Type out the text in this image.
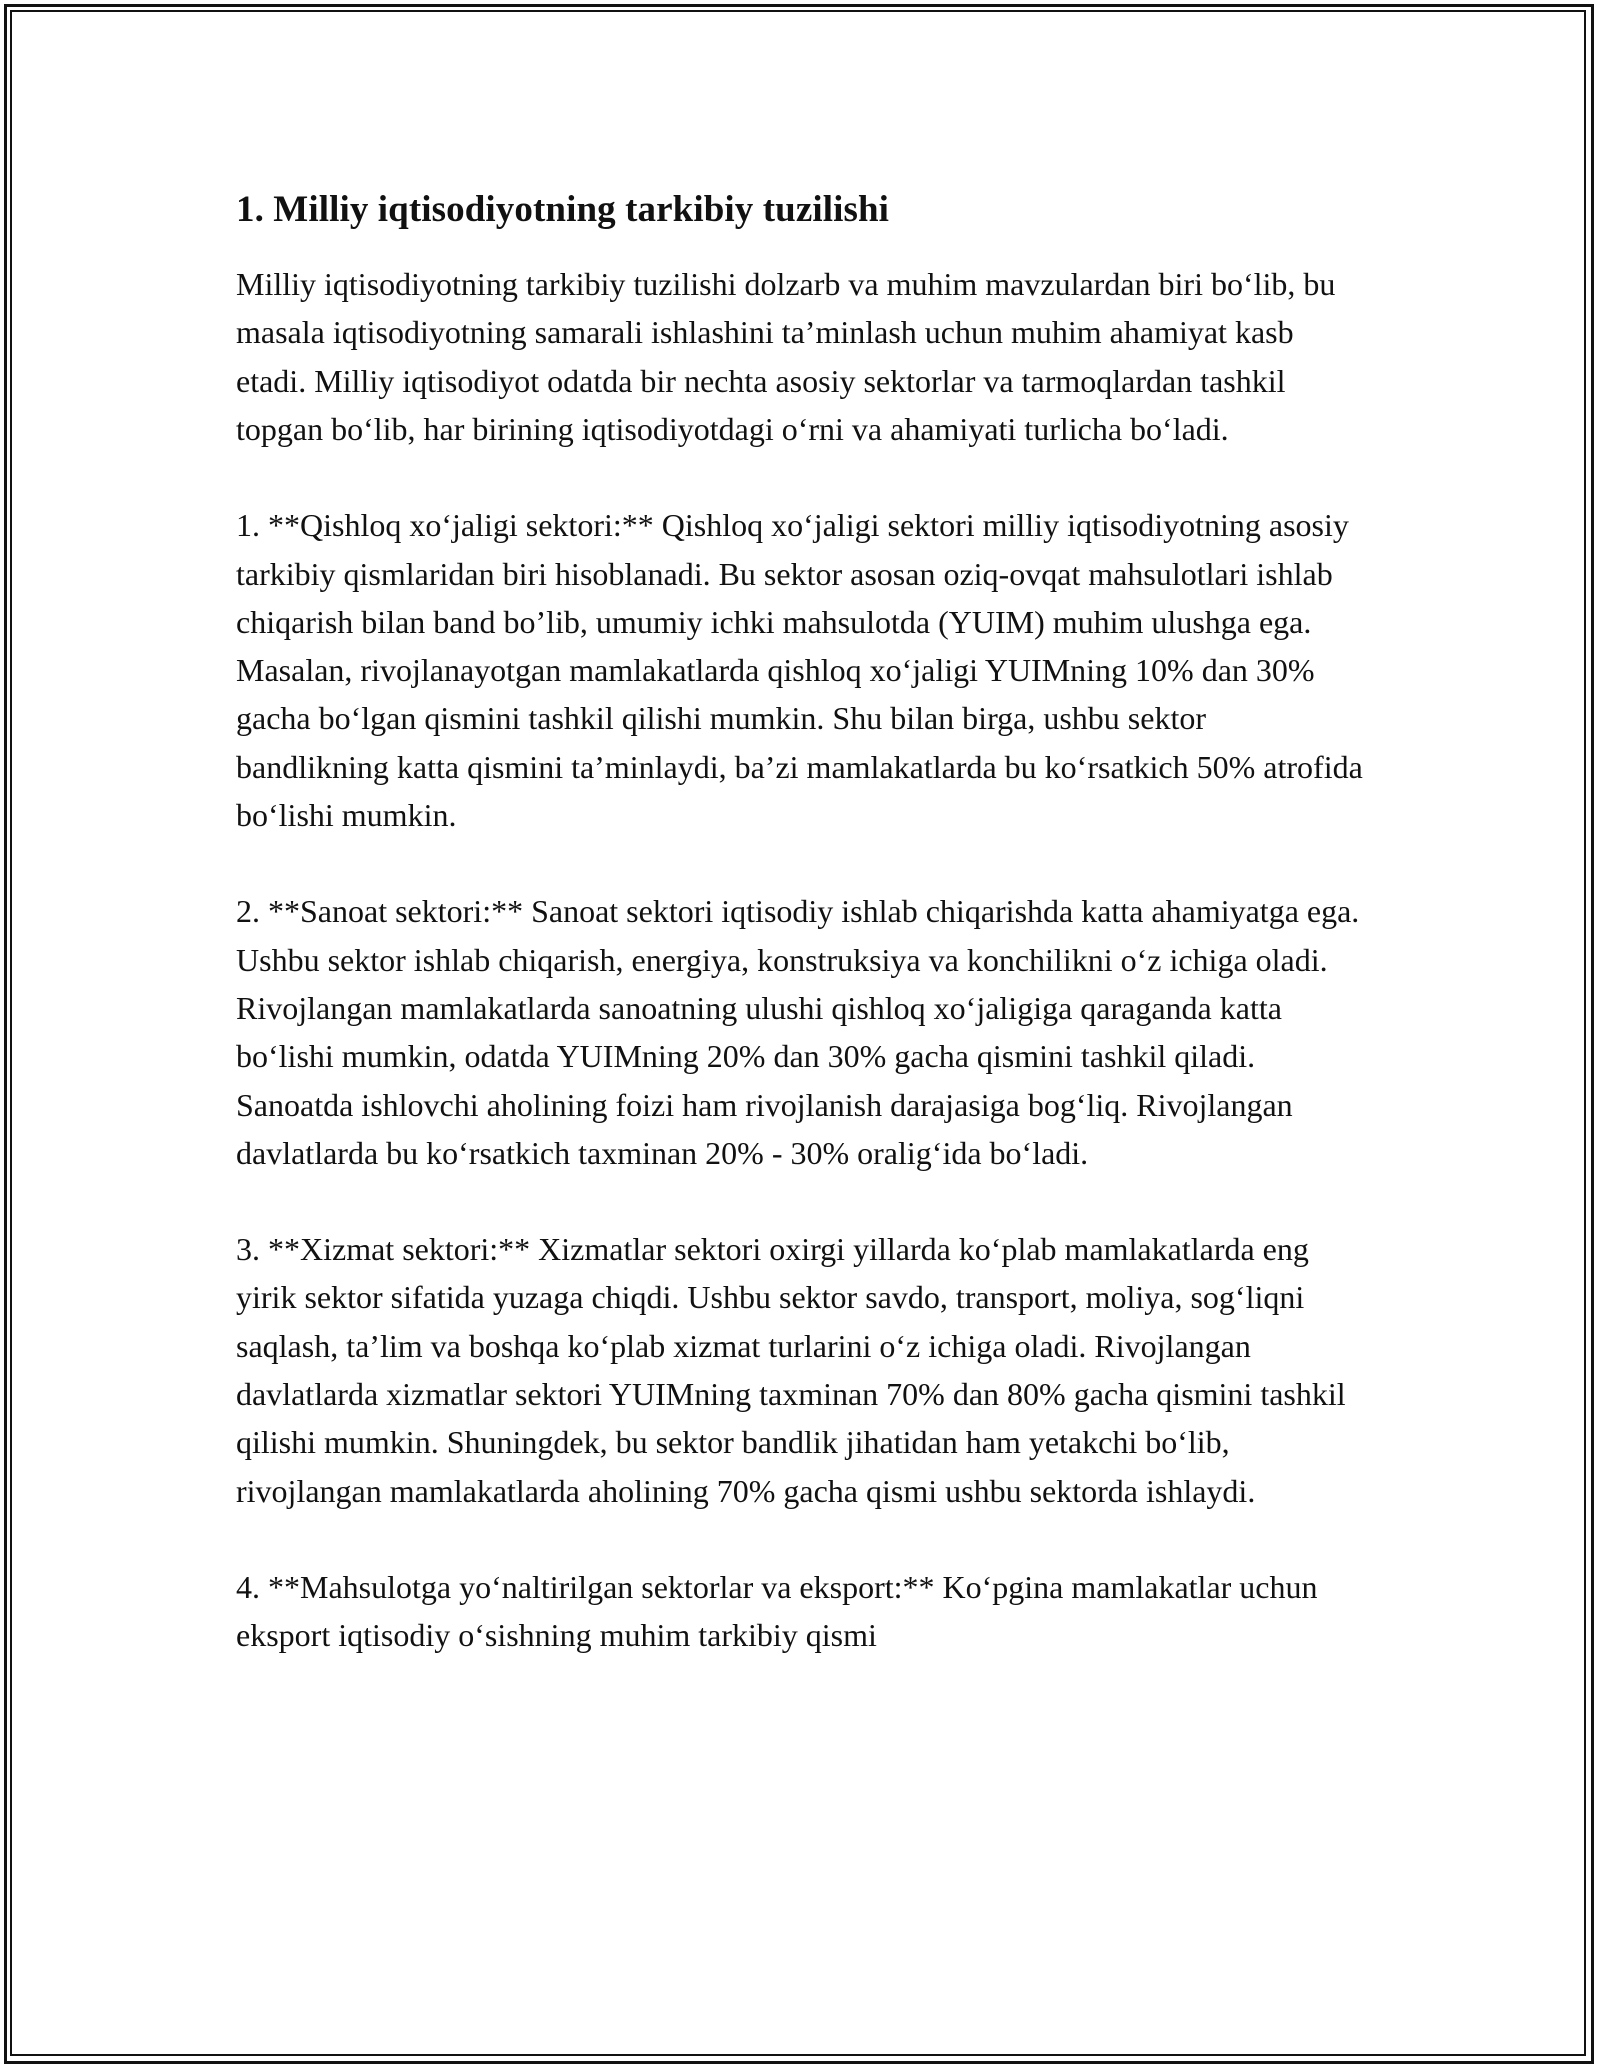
1. Milliy iqtisodiyotning tarkibiy tuzilishi

Milliy iqtisodiyotning tarkibiy tuzilishi dolzarb va muhim mavzulardan biri bo‘lib, bu masala iqtisodiyotning samarali ishlashini ta’minlash uchun muhim ahamiyat kasb etadi. Milliy iqtisodiyot odatda bir nechta asosiy sektorlar va tarmoqlardan tashkil topgan bo‘lib, har birining iqtisodiyotdagi o‘rni va ahamiyati turlicha bo‘ladi.

1. **Qishloq xo‘jaligi sektori:** Qishloq xo‘jaligi sektori milliy iqtisodiyotning asosiy tarkibiy qismlaridan biri hisoblanadi. Bu sektor asosan oziq-ovqat mahsulotlari ishlab chiqarish bilan band bo’lib, umumiy ichki mahsulotda (YUIM) muhim ulushga ega. Masalan, rivojlanayotgan mamlakatlarda qishloq xo‘jaligi YUIMning 10% dan 30% gacha bo‘lgan qismini tashkil qilishi mumkin. Shu bilan birga, ushbu sektor bandlikning katta qismini ta’minlaydi, ba’zi mamlakatlarda bu ko‘rsatkich 50% atrofida bo‘lishi mumkin.

2. **Sanoat sektori:** Sanoat sektori iqtisodiy ishlab chiqarishda katta ahamiyatga ega. Ushbu sektor ishlab chiqarish, energiya, konstruksiya va konchilikni o‘z ichiga oladi. Rivojlangan mamlakatlarda sanoatning ulushi qishloq xo‘jaligiga qaraganda katta bo‘lishi mumkin, odatda YUIMning 20% dan 30% gacha qismini tashkil qiladi. Sanoatda ishlovchi aholining foizi ham rivojlanish darajasiga bog‘liq. Rivojlangan davlatlarda bu ko‘rsatkich taxminan 20% - 30% oralig‘ida bo‘ladi.

3. **Xizmat sektori:** Xizmatlar sektori oxirgi yillarda ko‘plab mamlakatlarda eng yirik sektor sifatida yuzaga chiqdi. Ushbu sektor savdo, transport, moliya, sog‘liqni saqlash, ta’lim va boshqa ko‘plab xizmat turlarini o‘z ichiga oladi. Rivojlangan davlatlarda xizmatlar sektori YUIMning taxminan 70% dan 80% gacha qismini tashkil qilishi mumkin. Shuningdek, bu sektor bandlik jihatidan ham yetakchi bo‘lib, rivojlangan mamlakatlarda aholining 70% gacha qismi ushbu sektorda ishlaydi.

4. **Mahsulotga yo‘naltirilgan sektorlar va eksport:** Ko‘pgina mamlakatlar uchun eksport iqtisodiy o‘sishning muhim tarkibiy qismi
